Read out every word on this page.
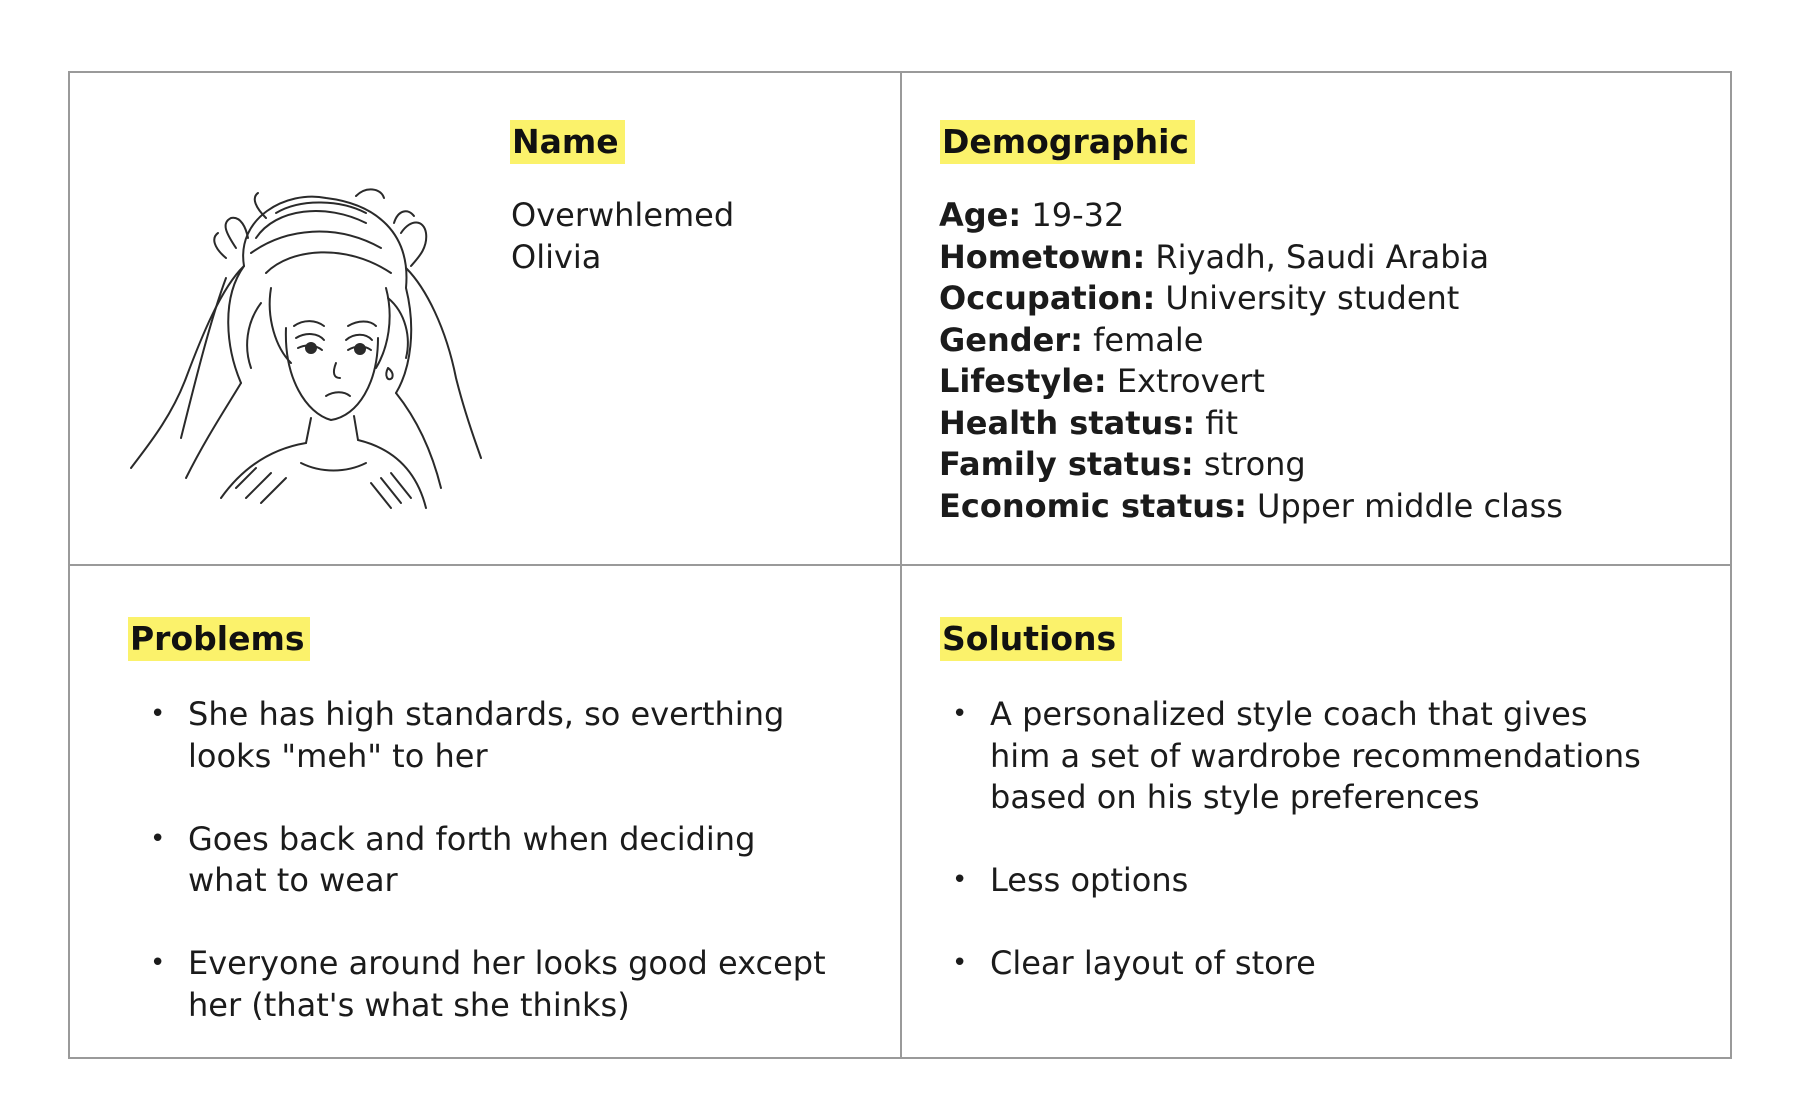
Name
Overwhlemed
Olivia
Demographic
Age: 19-32
Hometown: Riyadh, Saudi Arabia
Occupation: University student
Gender: female
Lifestyle: Extrovert
Health status: fit
Family status: strong
Economic status: Upper middle class
Problems
• She has high standards, so everthing
looks "meh" to her
• Goes back and forth when deciding
what to wear
• Everyone around her looks good except
her (that's what she thinks)
Solutions
• A personalized style coach that gives
him a set of wardrobe recommendations
based on his style preferences
• Less options
• Clear layout of store
